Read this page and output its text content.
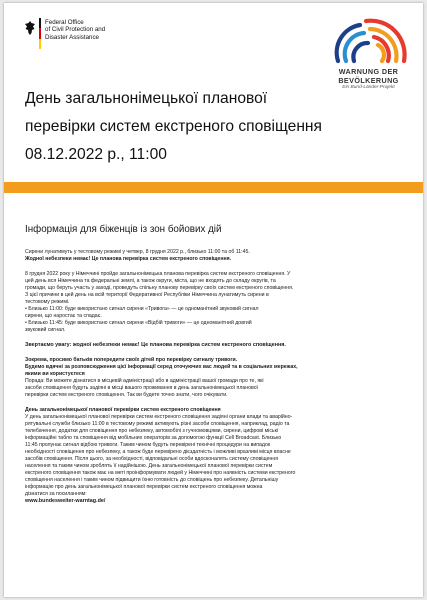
Federal Office
of Civil Protection and
Disaster Assistance
WARNUNG DER
BEVÖLKERUNG
Ein Bund-Länder-Projekt
День загальнонімецької планової
перевірки систем екстреного сповіщення
08.12.2022 р., 11:00
Інформація для біженців із зон бойових дій
Сирени лунатимуть у тестовому режимі у четвер, 8 грудня 2022 р., близько 11:00 та об 11:45.
Жодної небезпеки немає! Це планова перевірка систем екстреного сповіщення.
8 грудня 2022 року у Німеччині пройде загальнонімецька планова перевірка систем екстреного сповіщення. У
цей день вся Німеччина та федеральні землі, а також округи, міста, що не входять до складу округів, та
громади, що беруть участь у заході, проведуть спільну планову перевірку своїх систем екстреного сповіщення.
З цієї причини в цей день на всій території Федеративної Республіки Німеччина лунатимуть сирени в
тестовому режимі.
• Близько 11:00: буде використано сигнал сирени «Тривога» — це одноманітний звуковий сигнал
сирени, що наростає та спадає.
• Близько 11:45: буде використано сигнал сирени «Відбій тривоги» — це одноманітний довгий
звуковий сигнал.
Звертаємо увагу: жодної небезпеки немає! Це планова перевірка систем екстреного сповіщення.
Зокрема, просимо батьків попередити своїх дітей про перевірку сигналу тривоги.
Будемо вдячні за розповсюдження цієї інформації серед оточуючих вас людей та в соціальних мережах,
якими ви користуєтеся
Порада: Ви можете дізнатися в місцевій адміністрації або в адміністрації вашої громади про те, які
засоби сповіщення будуть задіяні в місці вашого проживання в день загальнонімецької планової
перевірки систем екстреного сповіщення. Так ви будете точно знати, чого очікувати.
День загальнонімецької планової перевірки систем екстреного сповіщення
У день загальнонімецької планової перевірки систем екстреного сповіщення задіяні органи влади та аварійно-
рятувальні служби близько 11:00 в тестовому режимі активують різні засоби сповіщення, наприклад, радіо та
телебачення, додатки для сповіщення про небезпеку, автомобілі з гучномовцями, сирени, цифрові міські
інформаційні табло та сповіщення від мобільних операторів за допомогою функції Cell Broadcast. Близько
11:45 пролунає сигнал відбою тривоги. Таким чином будуть перевірені технічні процедури на випадок
необхідності сповіщення про небезпеку, а також буде перевірено дієздатність і можливі вразливі місця власне
засобів сповіщення. Після цього, за необхідності, відповідальні особи вдосконалять систему сповіщення
населення та таким чином зроблять її надійнішою. День загальнонімецької планової перевірки систем
екстреного сповіщення також має на меті проінформувати людей у Німеччині про наявність системи екстреного
сповіщення населення і таким чином підвищити їхню готовність до сповіщень про небезпеку. Детальнішу
інформацію про день загальнонімецької планової перевірки систем екстреного сповіщення можна
дізнатися за посиланням:
www.bundesweiter-warntag.de/
